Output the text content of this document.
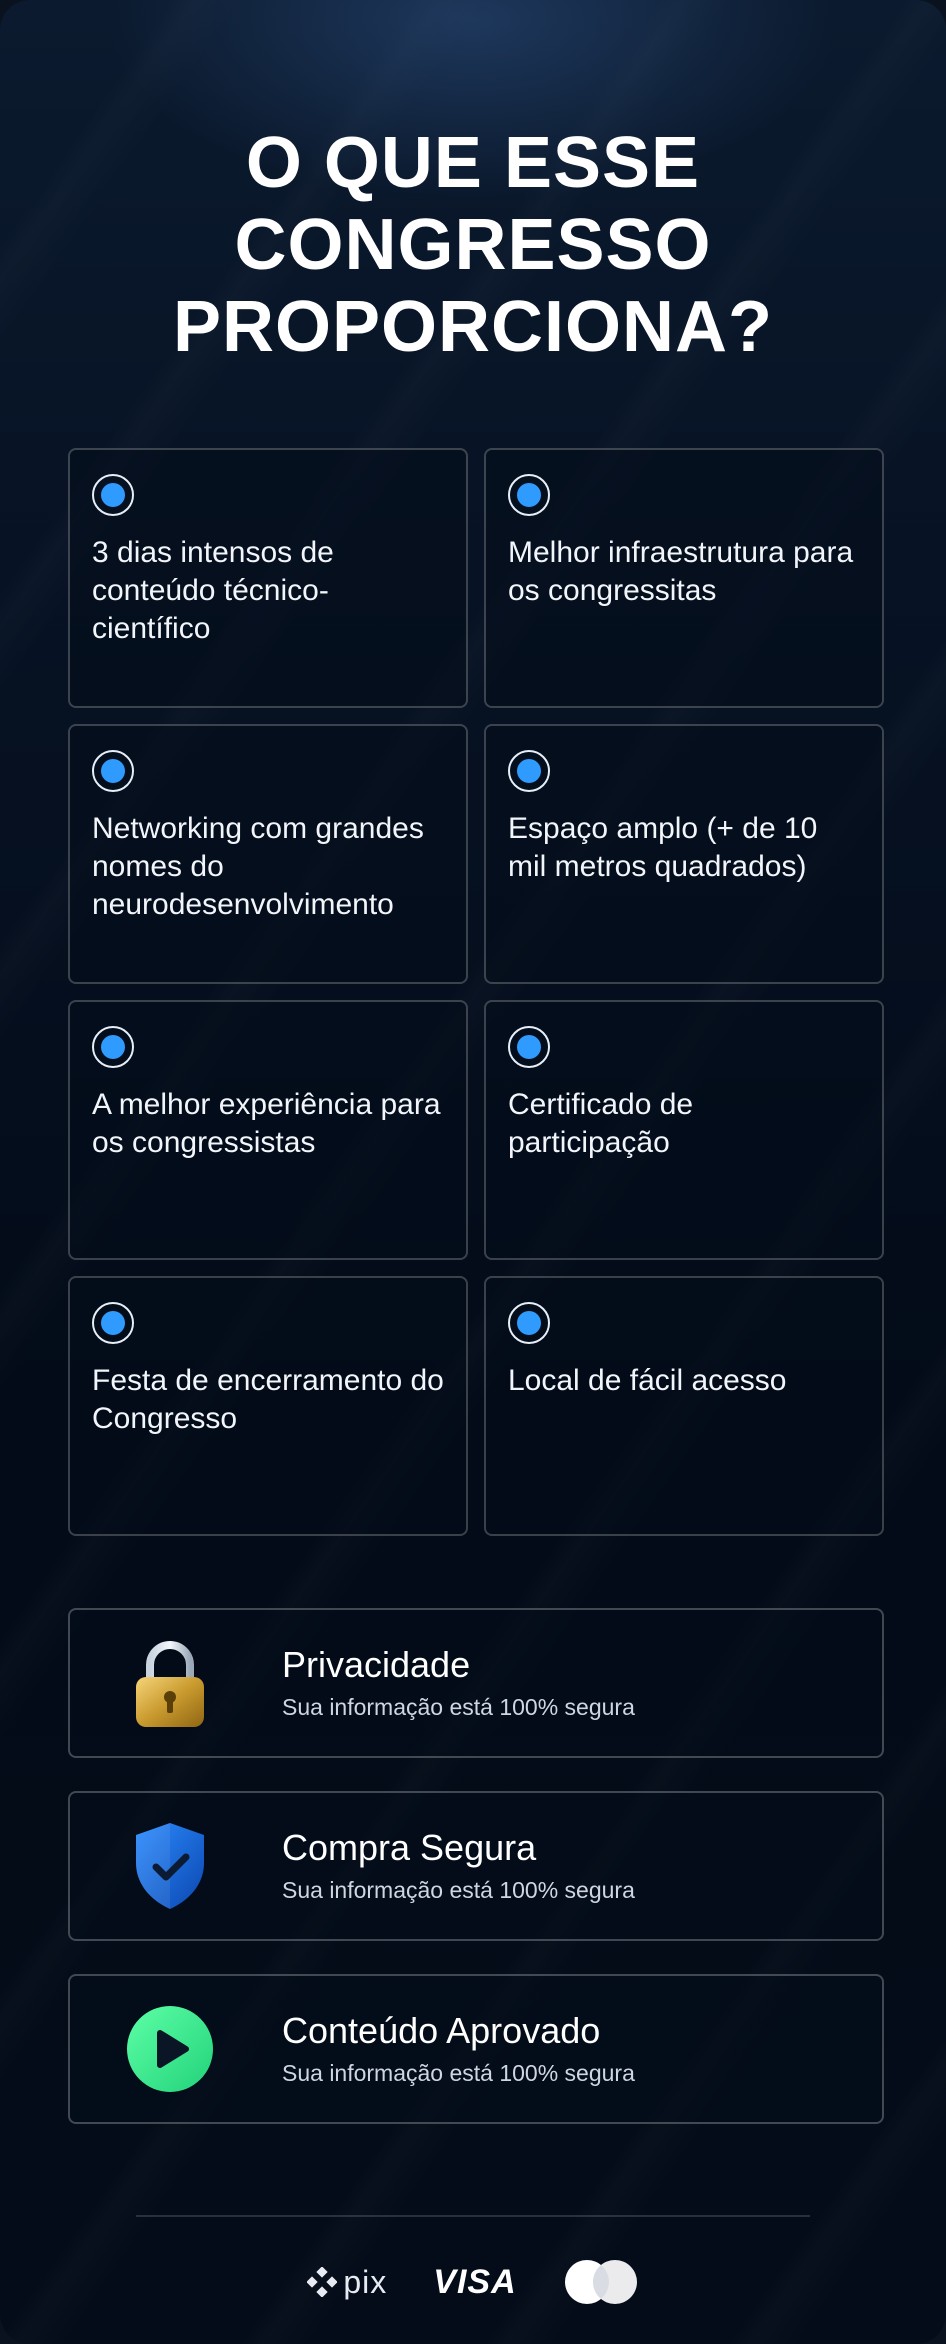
O QUE ESSE
CONGRESSO
PROPORCIONA?
3 dias intensos de conteúdo técnico-científico
Melhor infraestrutura para os congressitas
Networking com grandes nomes do neurodesenvolvimento
Espaço amplo (+ de 10 mil metros quadrados)
A melhor experiência para os congressistas
Certificado de participação
Festa de encerramento do Congresso
Local de fácil acesso
Privacidade
Sua informação está 100% segura
Compra Segura
Sua informação está 100% segura
Conteúdo Aprovado
Sua informação está 100% segura
pix VISA
